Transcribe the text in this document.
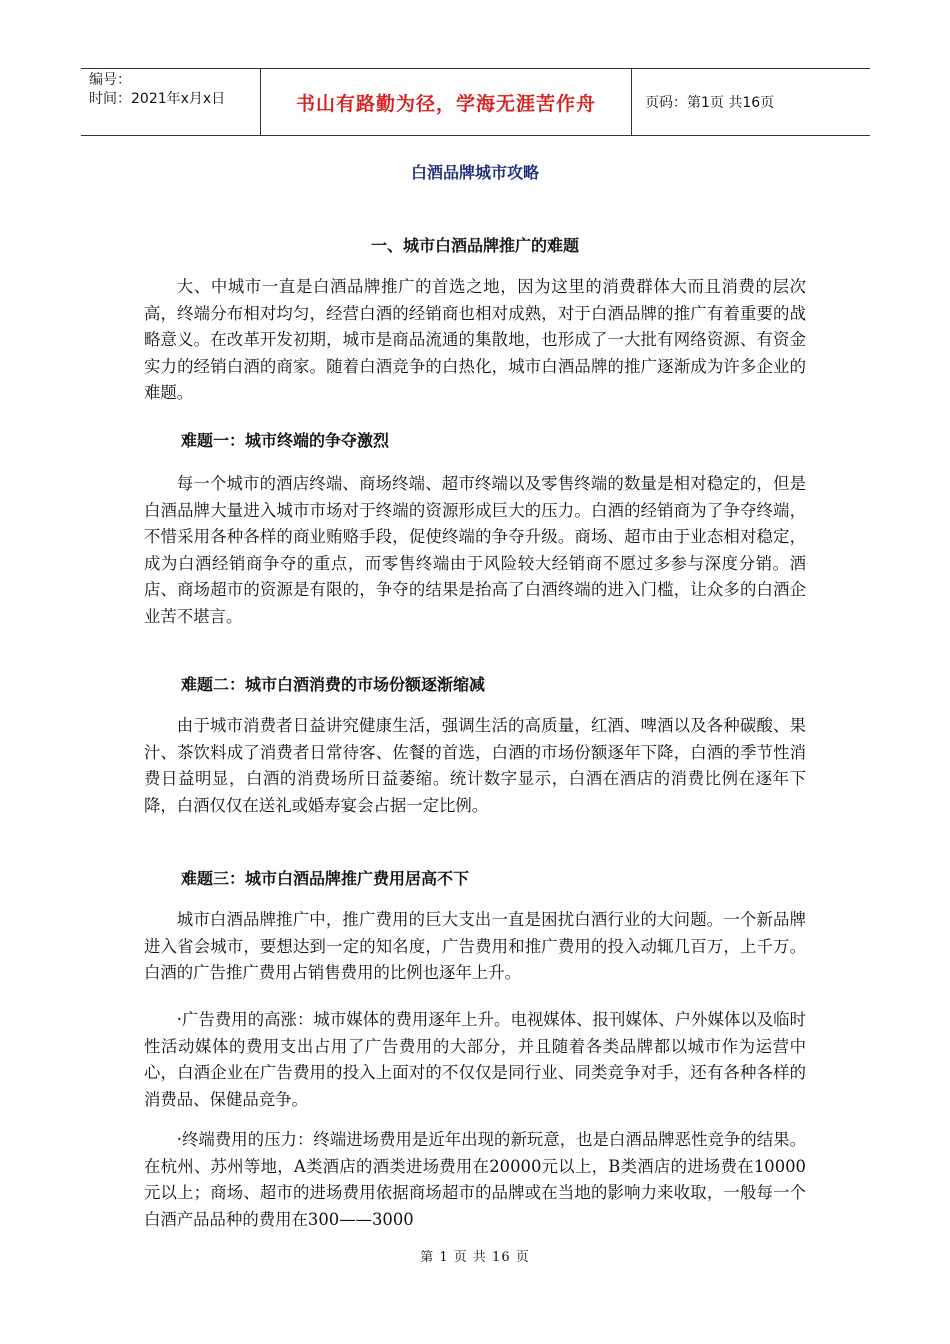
编号：
时间：2021年x月x日	书山有路勤为径，学海无涯苦作舟	页码：第1页 共16页
白酒品牌城市攻略
一、城市白酒品牌推广的难题

大、中城市一直是白酒品牌推广的首选之地，因为这里的消费群体大而且消费的层次高，终端分布相对均匀，经营白酒的经销商也相对成熟，对于白酒品牌的推广有着重要的战略意义。在改革开发初期，城市是商品流通的集散地，也形成了一大批有网络资源、有资金实力的经销白酒的商家。随着白酒竞争的白热化，城市白酒品牌的推广逐渐成为许多企业的难题。

难题一：城市终端的争夺激烈

每一个城市的酒店终端、商场终端、超市终端以及零售终端的数量是相对稳定的，但是白酒品牌大量进入城市市场对于终端的资源形成巨大的压力。白酒的经销商为了争夺终端，不惜采用各种各样的商业贿赂手段，促使终端的争夺升级。商场、超市由于业态相对稳定，成为白酒经销商争夺的重点，而零售终端由于风险较大经销商不愿过多参与深度分销。酒店、商场超市的资源是有限的，争夺的结果是抬高了白酒终端的进入门槛，让众多的白酒企业苦不堪言。

难题二：城市白酒消费的市场份额逐渐缩减

由于城市消费者日益讲究健康生活，强调生活的高质量，红酒、啤酒以及各种碳酸、果汁、茶饮料成了消费者日常待客、佐餐的首选，白酒的市场份额逐年下降，白酒的季节性消费日益明显，白酒的消费场所日益萎缩。统计数字显示，白酒在酒店的消费比例在逐年下降，白酒仅仅在送礼或婚寿宴会占据一定比例。

难题三：城市白酒品牌推广费用居高不下

城市白酒品牌推广中，推广费用的巨大支出一直是困扰白酒行业的大问题。一个新品牌进入省会城市，要想达到一定的知名度，广告费用和推广费用的投入动辄几百万，上千万。白酒的广告推广费用占销售费用的比例也逐年上升。

·广告费用的高涨：城市媒体的费用逐年上升。电视媒体、报刊媒体、户外媒体以及临时性活动媒体的费用支出占用了广告费用的大部分，并且随着各类品牌都以城市作为运营中心，白酒企业在广告费用的投入上面对的不仅仅是同行业、同类竞争对手，还有各种各样的消费品、保健品竞争。

·终端费用的压力：终端进场费用是近年出现的新玩意，也是白酒品牌恶性竞争的结果。在杭州、苏州等地，A类酒店的酒类进场费用在20000元以上，B类酒店的进场费在10000元以上；商场、超市的进场费用依据商场超市的品牌或在当地的影响力来收取，一般每一个白酒产品品种的费用在300——3000

第 1 页 共 16 页
